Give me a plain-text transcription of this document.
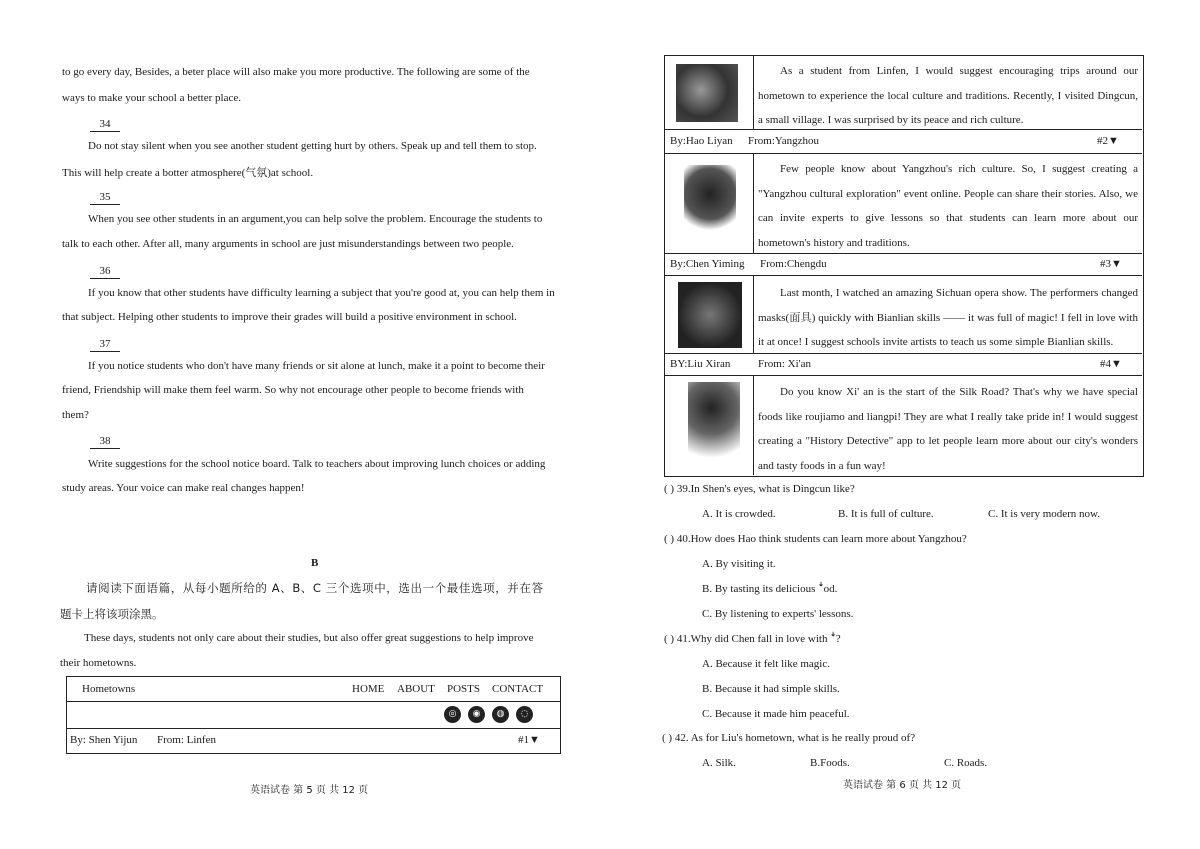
to go every day, Besides, a beter place will also make you more productive. The following are some of the
ways to make your school a better place.
34
Do not stay silent when you see another student getting hurt by others. Speak up and tell them to stop.
This will help create a botter atmosphere(气氛)at school.
35
When you see other students in an argument,you can help solve the problem. Encourage the students to
talk to each other. After all, many arguments in school are just misunderstandings between two people.
36
If you know that other students have difficulty learning a subject that you're good at, you can help them in
that subject. Helping other students to improve their grades will build a positive environment in school.
37
If you notice students who don't have many friends or sit alone at lunch, make it a point to become their
friend, Friendship will make them feel warm. So why not encourage other people to become friends with
them?
38
Write suggestions for the school notice board. Talk to teachers about improving lunch choices or adding
study areas. Your voice can make real changes happen!
B
请阅读下面语篇，从每小题所给的 A、B、C 三个选项中，选出一个最佳选项，并在答
题卡上将该项涂黑。
These days, students not only care about their studies, but also offer great suggestions to help improve
their hometowns.
Hometowns	HOME ABOUT POSTS CONTACT
◎	◉	◍	◌
By: Shen Yijun From: Linfen	#1▼
英语试卷 第 5 页 共 12 页
As a student from Linfen, I would suggest encouraging trips around our hometown to experience the local culture and traditions. Recently, I visited Dingcun, a small village. I was surprised by its peace and rich culture.
By:Hao Liyan From:Yangzhou	#2▼
Few people know about Yangzhou's rich culture. So, I suggest creating a "Yangzhou cultural exploration" event online. People can share their stories. Also, we can invite experts to give lessons so that students can learn more about our hometown's history and traditions.
By:Chen Yiming From:Chengdu	#3▼
Last month, I watched an amazing Sichuan opera show. The performers changed masks(面具) quickly with Bianlian skills —— it was full of magic! I fell in love with it at once! I suggest schools invite artists to teach us some simple Bianlian skills.
BY:Liu Xiran	From: Xi'an	#4▼
Do you know Xi' an is the start of the Silk Road? That's why we have special foods like roujiamo and liangpi! They are what I really take pride in! I would suggest creating a "History Detective" app to let people learn more about our city's wonders and tasty foods in a fun way!
( ) 39.In Shen's eyes, what is Dingcun like?
A. It is crowded.	B. It is full of culture.	C. It is very modern now.
( ) 40.How does Hao think students can learn more about Yangzhou?
A. By visiting it.
B. By tasting its delicious ꜜod.
C. By listening to experts' lessons.
( ) 41.Why did Chen fall in love with ꜜ?
A. Because it felt like magic.
B. Because it had simple skills.
C. Because it made him peaceful.
( ) 42. As for Liu's hometown, what is he really proud of?
A. Silk.	B.Foods.	C. Roads.
英语试卷 第 6 页 共 12 页
